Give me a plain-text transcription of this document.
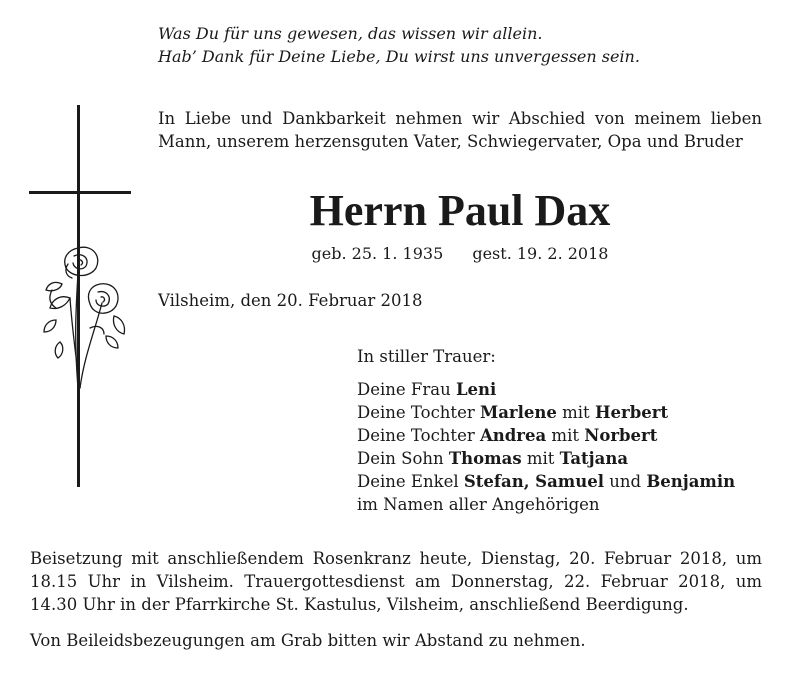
Was Du für uns gewesen, das wissen wir allein.
Hab’ Dank für Deine Liebe, Du wirst uns unvergessen sein.
In Liebe und Dankbarkeit nehmen wir Abschied von meinem lieben Mann, unserem herzensguten Vater, Schwiegervater, Opa und Bruder
Herrn Paul Dax
geb. 25. 1. 1935 gest. 19. 2. 2018
Vilsheim, den 20. Februar 2018
In stiller Trauer:
Deine Frau Leni
Deine Tochter Marlene mit Herbert
Deine Tochter Andrea mit Norbert
Dein Sohn Thomas mit Tatjana
Deine Enkel Stefan, Samuel und Benjamin
im Namen aller Angehörigen
Beisetzung mit anschließendem Rosenkranz heute, Dienstag, 20. Februar 2018, um 18.15 Uhr in Vilsheim. Trauergottesdienst am Donnerstag, 22. Februar 2018, um 14.30 Uhr in der Pfarrkirche St. Kastulus, Vilsheim, anschließend Beerdigung.
Von Beileidsbezeugungen am Grab bitten wir Abstand zu nehmen.
